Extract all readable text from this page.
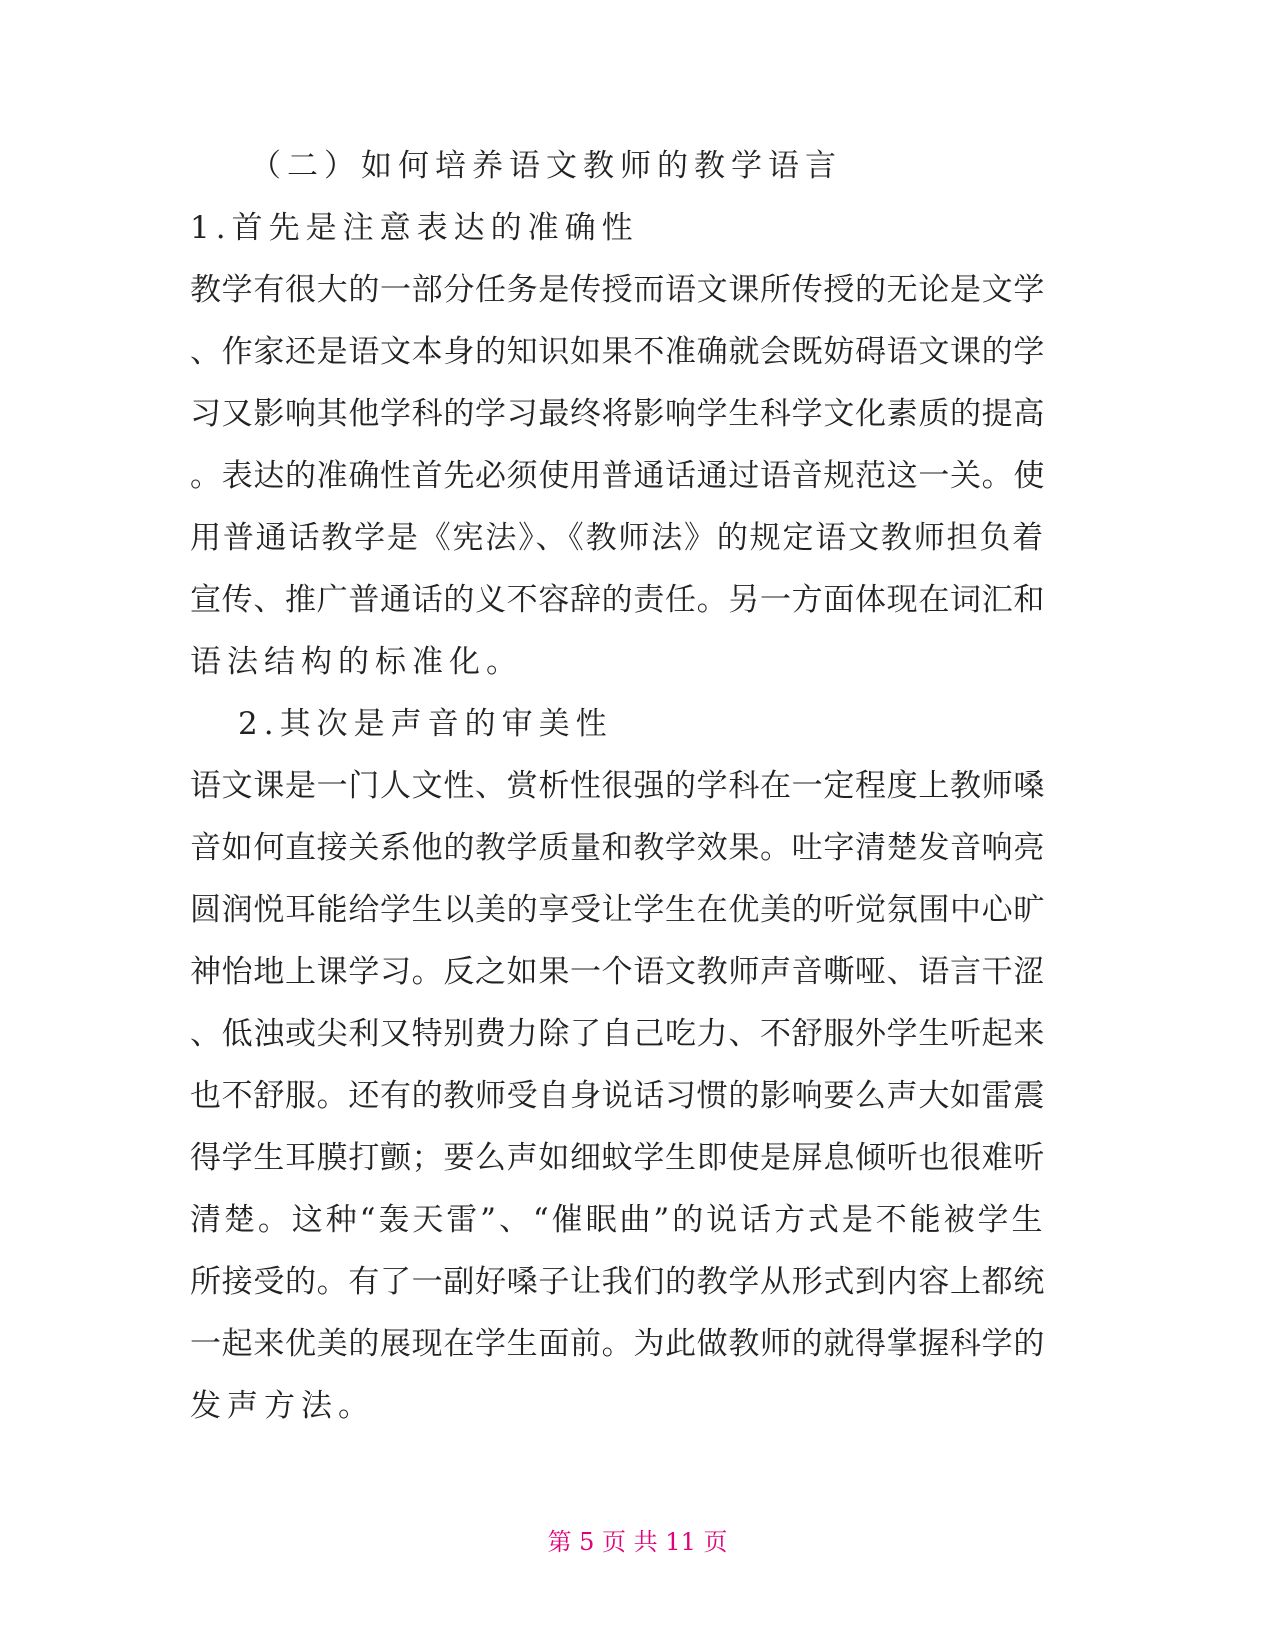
（二）如何培养语文教师的教学语言
1.首先是注意表达的准确性
教学有很大的一部分任务是传授而语文课所传授的无论是文学
、作家还是语文本身的知识如果不准确就会既妨碍语文课的学
习又影响其他学科的学习最终将影响学生科学文化素质的提高
。表达的准确性首先必须使用普通话通过语音规范这一关。使
用普通话教学是《宪法》、《教师法》的规定语文教师担负着
宣传、推广普通话的义不容辞的责任。另一方面体现在词汇和
语法结构的标准化。
2.其次是声音的审美性
语文课是一门人文性、赏析性很强的学科在一定程度上教师嗓
音如何直接关系他的教学质量和教学效果。吐字清楚发音响亮
圆润悦耳能给学生以美的享受让学生在优美的听觉氛围中心旷
神怡地上课学习。反之如果一个语文教师声音嘶哑、语言干涩
、低浊或尖利又特别费力除了自己吃力、不舒服外学生听起来
也不舒服。还有的教师受自身说话习惯的影响要么声大如雷震
得学生耳膜打颤；要么声如细蚊学生即使是屏息倾听也很难听
清楚。这种“轰天雷”、“催眠曲”的说话方式是不能被学生
所接受的。有了一副好嗓子让我们的教学从形式到内容上都统
一起来优美的展现在学生面前。为此做教师的就得掌握科学的
发声方法。
第 5 页 共 11 页
